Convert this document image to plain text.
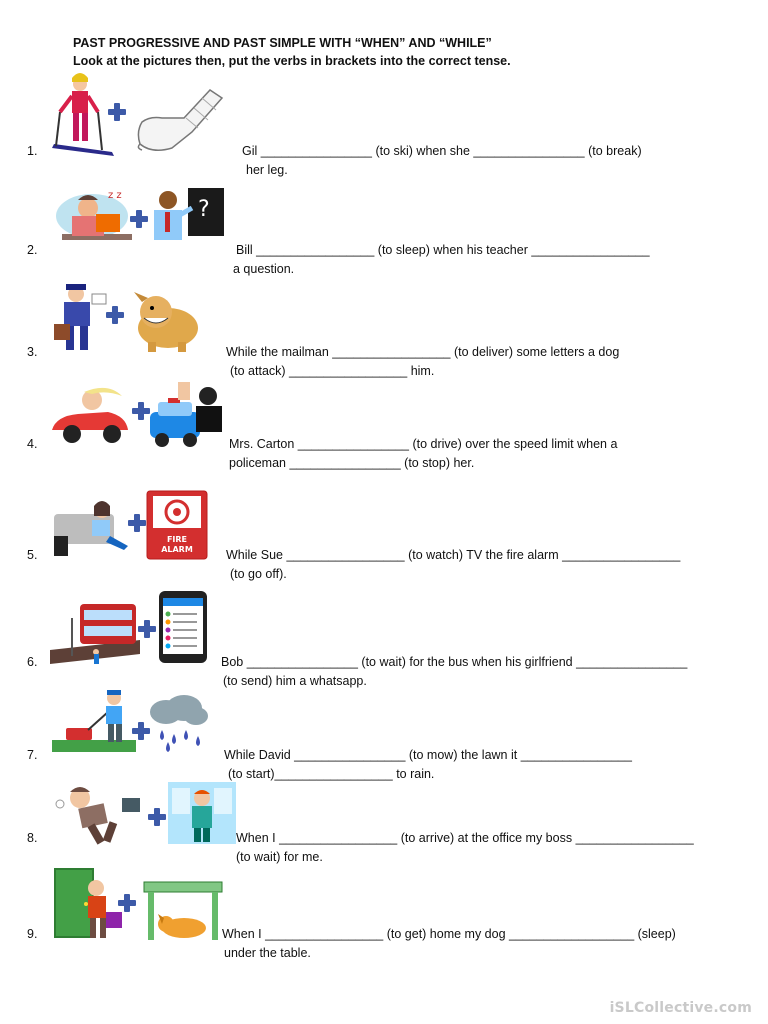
PAST PROGRESSIVE AND PAST SIMPLE WITH “WHEN” AND “WHILE”
Look at the pictures then, put the verbs in brackets into the correct tense.
1.	Gil ________________ (to ski) when she ________________ (to break)
her leg.
2.
z z
?
Bill _________________ (to sleep) when his teacher _________________
a question.
3.	While the mailman _________________ (to deliver) some letters a dog
(to attack) _________________ him.
4.	Mrs. Carton ________________ (to drive) over the speed limit when a
policeman ________________ (to stop) her.
5.
FIRE
ALARM	While Sue _________________ (to watch) TV the fire alarm _________________
(to go off).
6.	Bob ________________ (to wait) for the bus when his girlfriend ________________
(to send) him a whatsapp.
7.	While David ________________ (to mow) the lawn it ________________
(to start)_________________ to rain.
8.	When I _________________ (to arrive) at the office my boss _________________
(to wait) for me.
9.	When I _________________ (to get) home my dog __________________ (sleep)
under the table.
iSLCollective.com
